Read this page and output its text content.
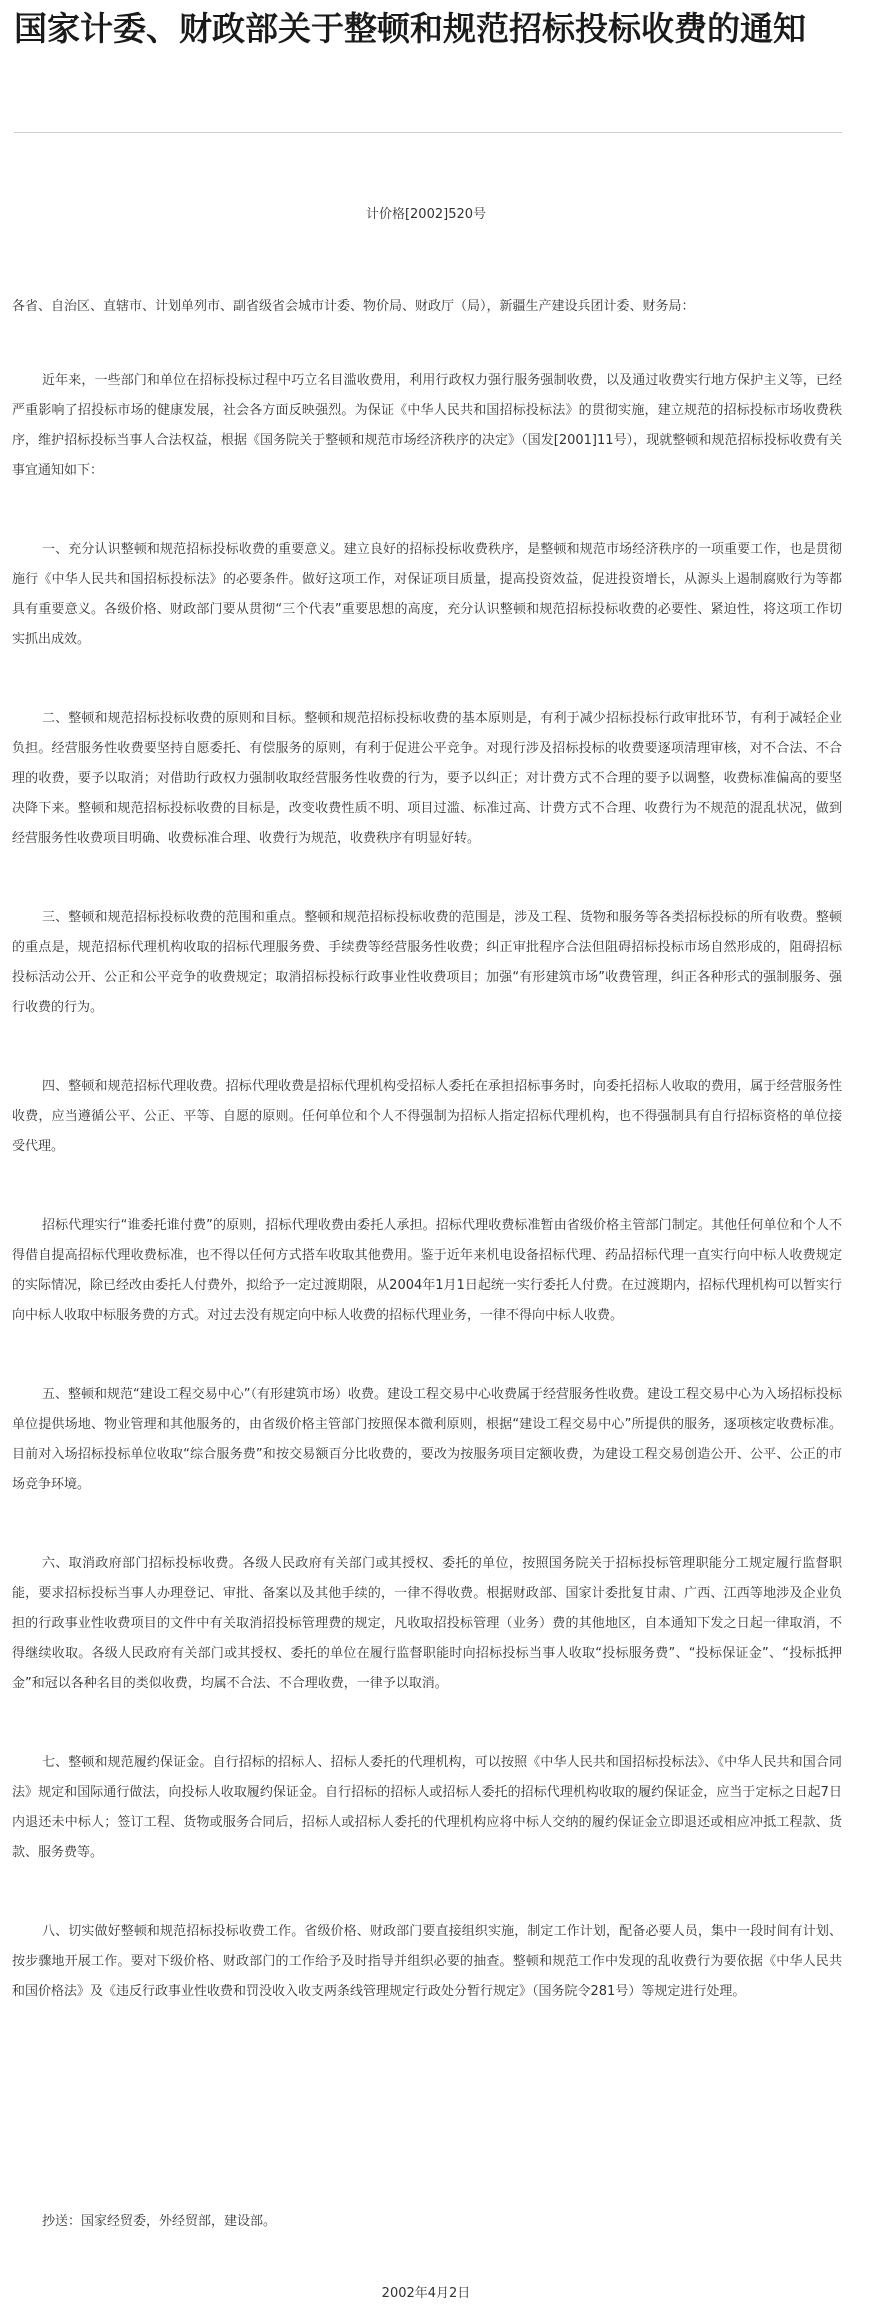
国家计委、财政部关于整顿和规范招标投标收费的通知
计价格[2002]520号

各省、自治区、直辖市、计划单列市、副省级省会城市计委、物价局、财政厅（局），新疆生产建设兵团计委、财务局：

近年来，一些部门和单位在招标投标过程中巧立名目滥收费用，利用行政权力强行服务强制收费，以及通过收费实行地方保护主义等，已经严重影响了招投标市场的健康发展，社会各方面反映强烈。为保证《中华人民共和国招标投标法》的贯彻实施，建立规范的招标投标市场收费秩序，维护招标投标当事人合法权益，根据《国务院关于整顿和规范市场经济秩序的决定》（国发[2001]11号），现就整顿和规范招标投标收费有关事宜通知如下：

一、充分认识整顿和规范招标投标收费的重要意义。建立良好的招标投标收费秩序，是整顿和规范市场经济秩序的一项重要工作，也是贯彻施行《中华人民共和国招标投标法》的必要条件。做好这项工作，对保证项目质量，提高投资效益，促进投资增长，从源头上遏制腐败行为等都具有重要意义。各级价格、财政部门要从贯彻“三个代表”重要思想的高度，充分认识整顿和规范招标投标收费的必要性、紧迫性，将这项工作切实抓出成效。

二、整顿和规范招标投标收费的原则和目标。整顿和规范招标投标收费的基本原则是，有利于减少招标投标行政审批环节，有利于减轻企业负担。经营服务性收费要坚持自愿委托、有偿服务的原则，有利于促进公平竞争。对现行涉及招标投标的收费要逐项清理审核，对不合法、不合理的收费，要予以取消；对借助行政权力强制收取经营服务性收费的行为，要予以纠正；对计费方式不合理的要予以调整，收费标准偏高的要坚决降下来。整顿和规范招标投标收费的目标是，改变收费性质不明、项目过滥、标准过高、计费方式不合理、收费行为不规范的混乱状况，做到经营服务性收费项目明确、收费标准合理、收费行为规范，收费秩序有明显好转。

三、整顿和规范招标投标收费的范围和重点。整顿和规范招标投标收费的范围是，涉及工程、货物和服务等各类招标投标的所有收费。整顿的重点是，规范招标代理机构收取的招标代理服务费、手续费等经营服务性收费；纠正审批程序合法但阻碍招标投标市场自然形成的，阻碍招标投标活动公开、公正和公平竞争的收费规定；取消招标投标行政事业性收费项目；加强“有形建筑市场”收费管理，纠正各种形式的强制服务、强行收费的行为。

四、整顿和规范招标代理收费。招标代理收费是招标代理机构受招标人委托在承担招标事务时，向委托招标人收取的费用，属于经营服务性收费，应当遵循公平、公正、平等、自愿的原则。任何单位和个人不得强制为招标人指定招标代理机构，也不得强制具有自行招标资格的单位接受代理。

招标代理实行“谁委托谁付费”的原则，招标代理收费由委托人承担。招标代理收费标准暂由省级价格主管部门制定。其他任何单位和个人不得借自提高招标代理收费标准，也不得以任何方式搭车收取其他费用。鉴于近年来机电设备招标代理、药品招标代理一直实行向中标人收费规定的实际情况，除已经改由委托人付费外，拟给予一定过渡期限，从2004年1月1日起统一实行委托人付费。在过渡期内，招标代理机构可以暂实行向中标人收取中标服务费的方式。对过去没有规定向中标人收费的招标代理业务，一律不得向中标人收费。

五、整顿和规范“建设工程交易中心”（有形建筑市场）收费。建设工程交易中心收费属于经营服务性收费。建设工程交易中心为入场招标投标单位提供场地、物业管理和其他服务的，由省级价格主管部门按照保本微利原则，根据“建设工程交易中心”所提供的服务，逐项核定收费标准。目前对入场招标投标单位收取“综合服务费”和按交易额百分比收费的，要改为按服务项目定额收费，为建设工程交易创造公开、公平、公正的市场竞争环境。

六、取消政府部门招标投标收费。各级人民政府有关部门或其授权、委托的单位，按照国务院关于招标投标管理职能分工规定履行监督职能，要求招标投标当事人办理登记、审批、备案以及其他手续的，一律不得收费。根据财政部、国家计委批复甘肃、广西、江西等地涉及企业负担的行政事业性收费项目的文件中有关取消招投标管理费的规定，凡收取招投标管理（业务）费的其他地区，自本通知下发之日起一律取消，不得继续收取。各级人民政府有关部门或其授权、委托的单位在履行监督职能时向招标投标当事人收取“投标服务费”、“投标保证金”、“投标抵押金”和冠以各种名目的类似收费，均属不合法、不合理收费，一律予以取消。

七、整顿和规范履约保证金。自行招标的招标人、招标人委托的代理机构，可以按照《中华人民共和国招标投标法》、《中华人民共和国合同法》规定和国际通行做法，向投标人收取履约保证金。自行招标的招标人或招标人委托的招标代理机构收取的履约保证金，应当于定标之日起7日内退还未中标人；签订工程、货物或服务合同后，招标人或招标人委托的代理机构应将中标人交纳的履约保证金立即退还或相应冲抵工程款、货款、服务费等。

八、切实做好整顿和规范招标投标收费工作。省级价格、财政部门要直接组织实施，制定工作计划，配备必要人员，集中一段时间有计划、按步骤地开展工作。要对下级价格、财政部门的工作给予及时指导并组织必要的抽查。整顿和规范工作中发现的乱收费行为要依据《中华人民共和国价格法》及《违反行政事业性收费和罚没收入收支两条线管理规定行政处分暂行规定》（国务院令281号）等规定进行处理。

抄送：国家经贸委，外经贸部，建设部。
2002年4月2日
